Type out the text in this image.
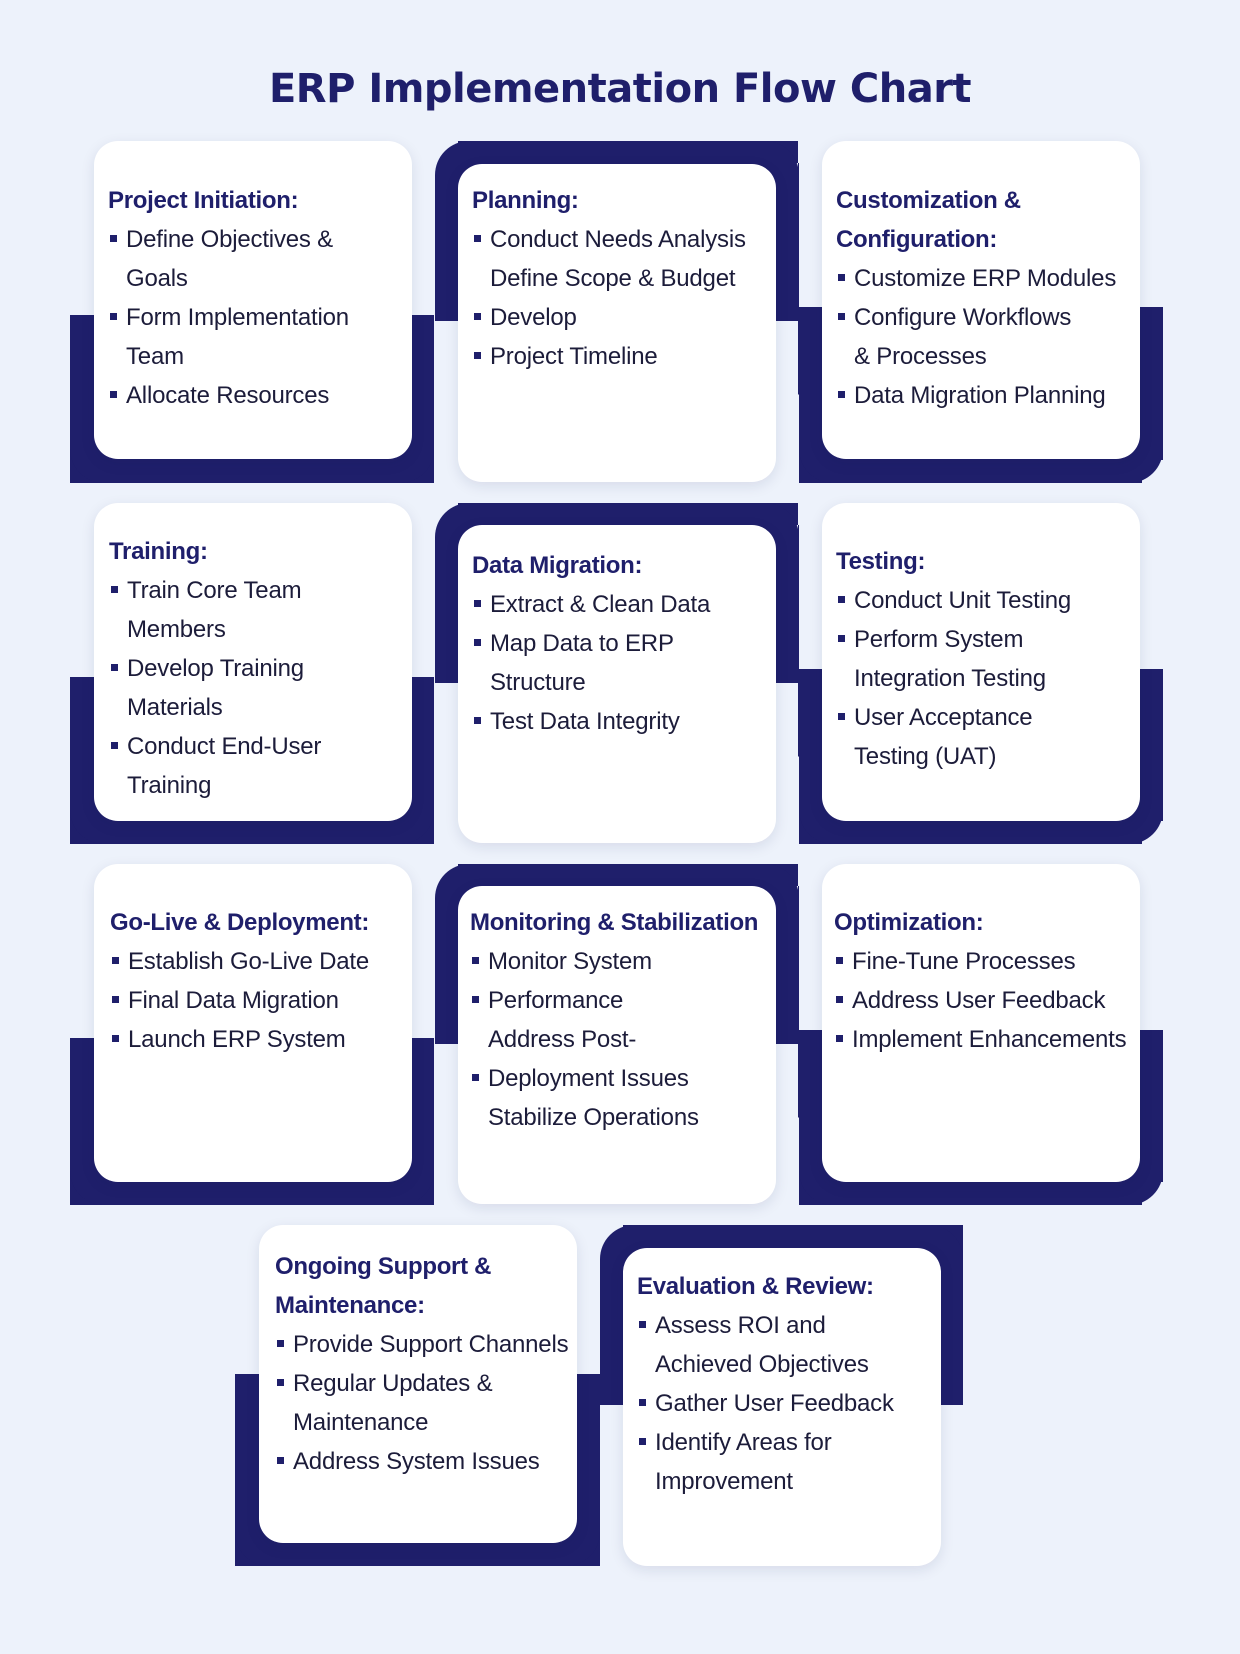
ERP Implementation Flow Chart

Project Initiation:

Define Objectives &
Goals
Form Implementation
Team
Allocate Resources

Planning:

Conduct Needs Analysis
Define Scope & Budget
Develop
Project Timeline

Customization &

Configuration:

Customize ERP Modules
Configure Workflows
& Processes
Data Migration Planning

Training:

Train Core Team
Members
Develop Training
Materials
Conduct End-User
Training

Data Migration:

Extract & Clean Data
Map Data to ERP
Structure
Test Data Integrity

Testing:

Conduct Unit Testing
Perform System
Integration Testing
User Acceptance
Testing (UAT)

Go-Live & Deployment:

Establish Go-Live Date
Final Data Migration
Launch ERP System

Monitoring & Stabilization

Monitor System
Performance
Address Post-
Deployment Issues
Stabilize Operations

Optimization:

Fine-Tune Processes
Address User Feedback
Implement Enhancements

Ongoing Support &

Maintenance:

Provide Support Channels
Regular Updates &
Maintenance
Address System Issues

Evaluation & Review:

Assess ROI and
Achieved Objectives
Gather User Feedback
Identify Areas for
Improvement
